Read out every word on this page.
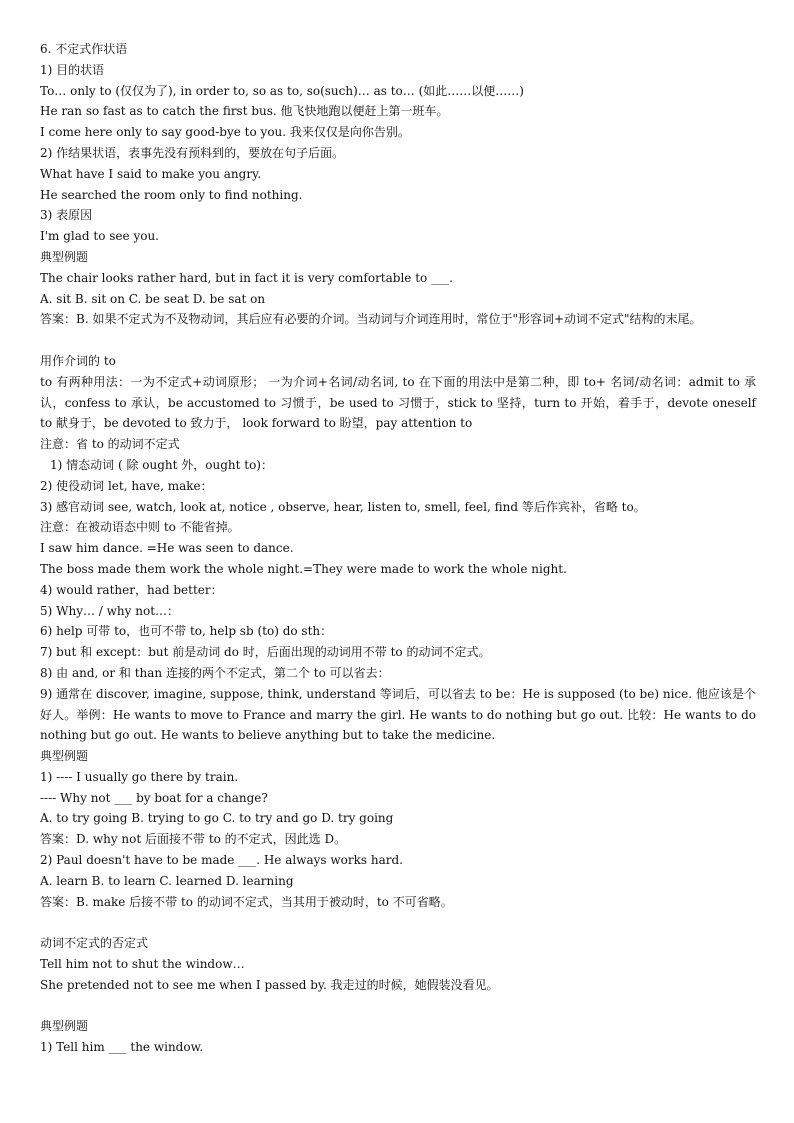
6. 不定式作状语
1) 目的状语
To… only to (仅仅为了), in order to, so as to, so(such)… as to… (如此……以便……)
He ran so fast as to catch the first bus. 他飞快地跑以便赶上第一班车。
I come here only to say good-bye to you. 我来仅仅是向你告别。
2) 作结果状语，表事先没有预料到的，要放在句子后面。
What have I said to make you angry.
He searched the room only to find nothing.
3) 表原因
I'm glad to see you.
典型例题
The chair looks rather hard, but in fact it is very comfortable to ___.
A. sit B. sit on C. be seat D. be sat on
答案：B. 如果不定式为不及物动词，其后应有必要的介词。当动词与介词连用时，常位于"形容词+动词不定式"结构的末尾。
用作介词的 to
to 有两种用法：一为不定式+动词原形； 一为介词+名词/动名词, to 在下面的用法中是第二种，即 to+ 名词/动名词：admit to 承认，confess to 承认，be accustomed to 习惯于，be used to 习惯于，stick to 坚持，turn to 开始，着手于，devote oneself to 献身于，be devoted to 致力于， look forward to 盼望，pay attention to
注意：省 to 的动词不定式
1) 情态动词 ( 除 ought 外，ought to)：
2) 使役动词 let, have, make：
3) 感官动词 see, watch, look at, notice , observe, hear, listen to, smell, feel, find 等后作宾补，省略 to。
注意：在被动语态中则 to 不能省掉。
I saw him dance. =He was seen to dance.
The boss made them work the whole night.=They were made to work the whole night.
4) would rather，had better：
5) Why… / why not…：
6) help 可带 to，也可不带 to, help sb (to) do sth：
7) but 和 except：but 前是动词 do 时，后面出现的动词用不带 to 的动词不定式。
8) 由 and, or 和 than 连接的两个不定式，第二个 to 可以省去：
9) 通常在 discover, imagine, suppose, think, understand 等词后，可以省去 to be：He is supposed (to be) nice. 他应该是个好人。举例：He wants to move to France and marry the girl. He wants to do nothing but go out. 比较：He wants to do nothing but go out. He wants to believe anything but to take the medicine.
典型例题
1) ---- I usually go there by train.
---- Why not ___ by boat for a change?
A. to try going B. trying to go C. to try and go D. try going
答案：D. why not 后面接不带 to 的不定式，因此选 D。
2) Paul doesn't have to be made ___. He always works hard.
A. learn B. to learn C. learned D. learning
答案：B. make 后接不带 to 的动词不定式，当其用于被动时，to 不可省略。
动词不定式的否定式
Tell him not to shut the window…
She pretended not to see me when I passed by. 我走过的时候，她假装没看见。
典型例题
1) Tell him ___ the window.
